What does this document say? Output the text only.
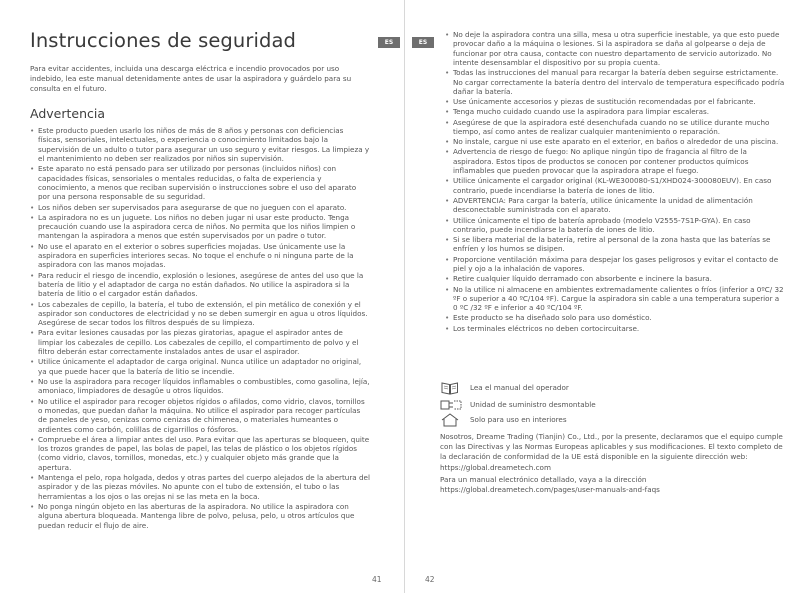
Instrucciones de seguridad	ES

Para evitar accidentes, incluida una descarga eléctrica e incendio provocados por uso indebido, lea este manual detenidamente antes de usar la aspiradora y guárdelo para su consulta en el futuro.

Advertencia
• Este producto pueden usarlo los niños de más de 8 años y personas con deficiencias físicas, sensoriales, intelectuales, o experiencia o conocimiento limitados bajo la supervisión de un adulto o tutor para asegurar un uso seguro y evitar riesgos. La limpieza y el mantenimiento no deben ser realizados por niños sin supervisión.
• Este aparato no está pensado para ser utilizado por personas (incluidos niños) con capacidades físicas, sensoriales o mentales reducidas, o falta de experiencia y conocimiento, a menos que reciban supervisión o instrucciones sobre el uso del aparato por una persona responsable de su seguridad.
• Los niños deben ser supervisados para asegurarse de que no jueguen con el aparato.
• La aspiradora no es un juguete. Los niños no deben jugar ni usar este producto. Tenga precaución cuando use la aspiradora cerca de niños. No permita que los niños limpien o mantengan la aspiradora a menos que estén supervisados por un padre o tutor.
• No use el aparato en el exterior o sobres superficies mojadas. Use únicamente use la aspiradora en superficies interiores secas. No toque el enchufe o ni ninguna parte de la aspiradora con las manos mojadas.
• Para reducir el riesgo de incendio, explosión o lesiones, asegúrese de antes del uso que la batería de litio y el adaptador de carga no están dañados. No utilice la aspiradora si la batería de litio o el cargador están dañados.
• Los cabezales de cepillo, la batería, el tubo de extensión, el pin metálico de conexión y el aspirador son conductores de electricidad y no se deben sumergir en agua u otros líquidos. Asegúrese de secar todos los filtros después de su limpieza.
• Para evitar lesiones causadas por las piezas giratorias, apague el aspirador antes de limpiar los cabezales de cepillo. Los cabezales de cepillo, el compartimento de polvo y el filtro deberán estar correctamente instalados antes de usar el aspirador.
• Utilice únicamente el adaptador de carga original. Nunca utilice un adaptador no original, ya que puede hacer que la batería de litio se incendie.
• No use la aspiradora para recoger líquidos inflamables o combustibles, como gasolina, lejía, amoniaco, limpiadores de desagüe u otros líquidos.
• No utilice el aspirador para recoger objetos rígidos o afilados, como vidrio, clavos, tornillos o monedas, que puedan dañar la máquina. No utilice el aspirador para recoger partículas de paneles de yeso, cenizas como cenizas de chimenea, o materiales humeantes o ardientes como carbón, colillas de cigarrillos o fósforos.
• Compruebe el área a limpiar antes del uso. Para evitar que las aperturas se bloqueen, quite los trozos grandes de papel, las bolas de papel, las telas de plástico o los objetos rígidos (como vidrio, clavos, tornillos, monedas, etc.) y cualquier objeto más grande que la apertura.
• Mantenga el pelo, ropa holgada, dedos y otras partes del cuerpo alejados de la abertura del aspirador y de las piezas móviles. No apunte con el tubo de extensión, el tubo o las herramientas a los ojos o las orejas ni se las meta en la boca.
• No ponga ningún objeto en las aberturas de la aspiradora. No utilice la aspiradora con alguna abertura bloqueada. Mantenga libre de polvo, pelusa, pelo, u otros artículos que puedan reducir el flujo de aire.
41
ES
• No deje la aspiradora contra una silla, mesa u otra superficie inestable, ya que esto puede provocar daño a la máquina o lesiones. Si la aspiradora se daña al golpearse o deja de funcionar por otra causa, contacte con nuestro departamento de servicio autorizado. No intente desensamblar el dispositivo por su propia cuenta.
• Todas las instrucciones del manual para recargar la batería deben seguirse estrictamente. No cargar correctamente la batería dentro del intervalo de temperatura especificado podría dañar la batería.
• Use únicamente accesorios y piezas de sustitución recomendadas por el fabricante.
• Tenga mucho cuidado cuando use la aspiradora para limpiar escaleras.
• Asegúrese de que la aspiradora esté desenchufada cuando no se utilice durante mucho tiempo, así como antes de realizar cualquier mantenimiento o reparación.
• No instale, cargue ni use este aparato en el exterior, en baños o alrededor de una piscina.
• Advertencia de riesgo de fuego: No aplique ningún tipo de fragancia al filtro de la aspiradora. Estos tipos de productos se conocen por contener productos químicos inflamables que pueden provocar que la aspiradora atrape el fuego.
• Utilice únicamente el cargador original (KL-WE300080-S1/XHD024-300080EUV). En caso contrario, puede incendiarse la batería de iones de litio.
• ADVERTENCIA: Para cargar la batería, utilice únicamente la unidad de alimentación desconectable suministrada con el aparato.
• Utilice únicamente el tipo de batería aprobado (modelo V2555-7S1P-GYA). En caso contrario, puede incendiarse la batería de iones de litio.
• Si se libera material de la batería, retire al personal de la zona hasta que las baterías se enfríen y los humos se disipen.
• Proporcione ventilación máxima para despejar los gases peligrosos y evitar el contacto de piel y ojo a la inhalación de vapores.
• Retire cualquier líquido derramado con absorbente e incinere la basura.
• No la utilice ni almacene en ambientes extremadamente calientes o fríos (inferior a 0ºC/ 32 ºF o superior a 40 ºC/104 ºF). Cargue la aspiradora sin cable a una temperatura superior a 0 ºC /32 ºF e inferior a 40 ºC/104 ºF.
• Este producto se ha diseñado solo para uso doméstico.
• Los terminales eléctricos no deben cortocircuitarse.
Lea el manual del operador
Unidad de suministro desmontable
Solo para uso en interiores

Nosotros, Dreame Trading (Tianjin) Co., Ltd., por la presente, declaramos que el equipo cumple con las Directivas y las Normas Europeas aplicables y sus modificaciones. El texto completo de la declaración de conformidad de la UE está disponible en la siguiente dirección web: https://global.dreametech.com

Para un manual electrónico detallado, vaya a la dirección https://global.dreametech.com/pages/user-manuals-and-faqs

42
